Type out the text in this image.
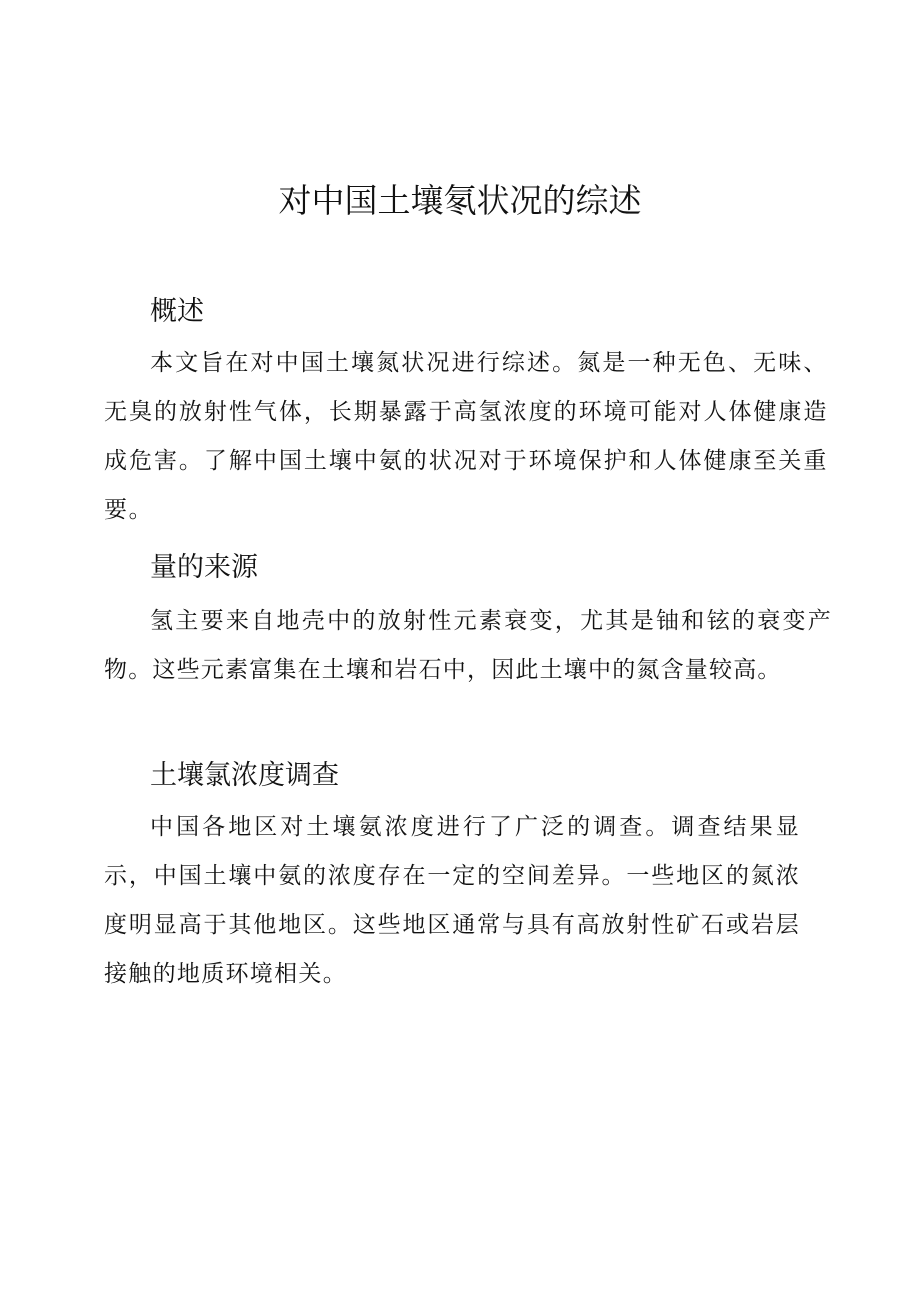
对中国土壤氡状况的综述
概述

本文旨在对中国土壤氮状况进行综述。氮是一种无色、无味、无臭的放射性气体，长期暴露于高氢浓度的环境可能对人体健康造成危害。了解中国土壤中氨的状况对于环境保护和人体健康至关重要。

量的来源

氢主要来自地壳中的放射性元素衰变，尤其是铀和铉的衰变产物。这些元素富集在土壤和岩石中，因此土壤中的氮含量较高。

土壤氯浓度调查

中国各地区对土壤氨浓度进行了广泛的调查。调查结果显示，中国土壤中氨的浓度存在一定的空间差异。一些地区的氮浓度明显高于其他地区。这些地区通常与具有高放射性矿石或岩层接触的地质环境相关。
